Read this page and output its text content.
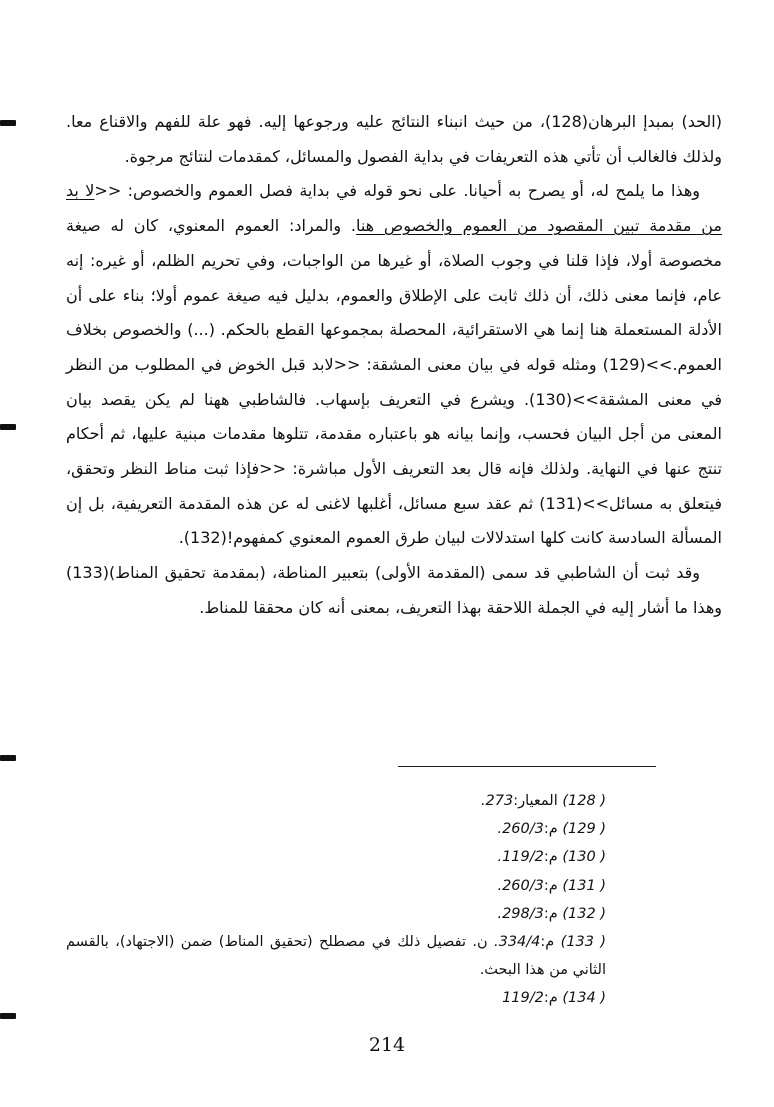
(الحد) بمبدإ البرهان(128)، من حيث انبناء النتائج عليه ورجوعها إليه. فهو علة للفهم والاقناع معا. ولذلك فالغالب أن تأتي هذه التعريفات في بداية الفصول والمسائل، كمقدمات لنتائج مرجوة.

وهذا ما يلمح له، أو يصرح به أحيانا. على نحو قوله في بداية فصل العموم والخصوص: <<لا بد من مقدمة تبين المقصود من العموم والخصوص هنا. والمراد: العموم المعنوي، كان له صيغة مخصوصة أولا، فإذا قلنا في وجوب الصلاة، أو غيرها من الواجبات، وفي تحريم الظلم، أو غيره: إنه عام، فإنما معنى ذلك، أن ذلك ثابت على الإطلاق والعموم، بدليل فيه صيغة عموم أولا؛ بناء على أن الأدلة المستعملة هنا إنما هي الاستقرائية، المحصلة بمجموعها القطع بالحكم. (...) والخصوص بخلاف العموم.>>(129) ومثله قوله في بيان معنى المشقة: <<لابد قبل الخوض في المطلوب من النظر في معنى المشقة>>(130). ويشرع في التعريف بإسهاب. فالشاطبي ههنا لم يكن يقصد بيان المعنى من أجل البيان فحسب، وإنما بيانه هو باعتباره مقدمة، تتلوها مقدمات مبنية عليها، ثم أحكام تنتج عنها في النهاية. ولذلك فإنه قال بعد التعريف الأول مباشرة: <<فإذا ثبت مناط النظر وتحقق، فيتعلق به مسائل>>(131) ثم عقد سبع مسائل، أغلبها لاغنى له عن هذه المقدمة التعريفية، بل إن المسألة السادسة كانت كلها استدلالات لبيان طرق العموم المعنوي كمفهوم!(132).

وقد ثبت أن الشاطبي قد سمى (المقدمة الأولى) بتعبير المناطة، (بمقدمة تحقيق المناط)(133) وهذا ما أشار إليه في الجملة اللاحقة بهذا التعريف، بمعنى أنه كان محققا للمناط.

( 128) المعيار:273.
( 129) م:260/3.
( 130) م:119/2.
( 131) م:260/3.
( 132) م:298/3.
( 133) م:334/4. ن. تفصيل ذلك في مصطلح (تحقيق المناط) ضمن (الاجتهاد)، بالقسم الثاني من هذا البحث.
( 134) م:119/2
214
